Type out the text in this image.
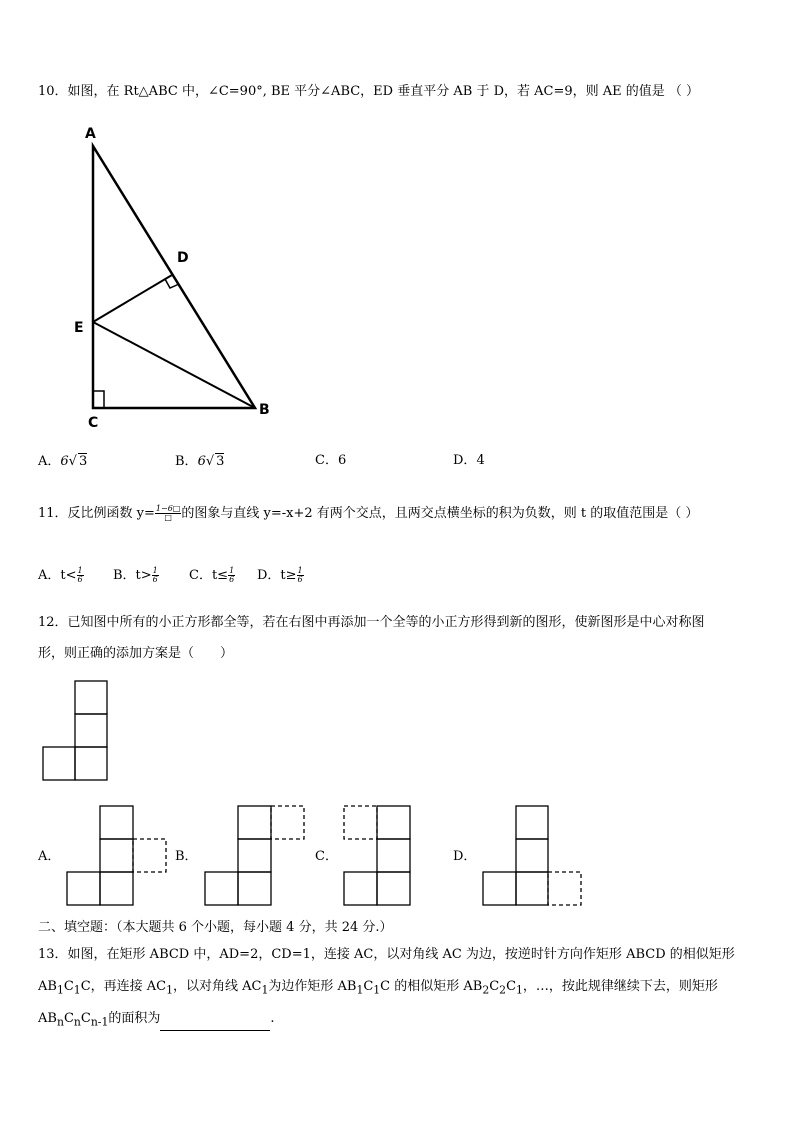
10．如图，在 Rt△ABC 中，∠C=90°, BE 平分∠ABC，ED 垂直平分 AB 于 D，若 AC=9，则 AE 的值是 （ ）
A
D
E
B
C
A．6√ 3	B．6√ 3	C．6	D．4
11．反比例函数 $y= \frac{1-6□}{□}$ 的图象与直线 y=-x+2 有两个交点，且两交点横坐标的积为负数，则 t 的取值范围是（ ）
A．$t< \frac{1}{6}$ B．$t> \frac{1}{6}$ C．$t\le \frac{1}{6}$ D．$t\ge \frac{1}{6}$
12．已知图中所有的小正方形都全等，若在右图中再添加一个全等的小正方形得到新的图形，使新图形是中心对称图
形，则正确的添加方案是（　　）
A．	B．	C．	D．
二、填空题：（本大题共 6 个小题，每小题 4 分，共 24 分.）
13．如图，在矩形 ABCD 中，AD=2，CD=1，连接 AC，以对角线 AC 为边，按逆时针方向作矩形 ABCD 的相似矩形
$AB_1C_1C$，再连接 $AC_1$，以对角线 $AC_1$为边作矩形 $AB_1C_1C$ 的相似矩形 $AB_2C_2C_1$，…，按此规律继续下去，则矩形
$AB_nC_nC_{n-1}$的面积为	.
